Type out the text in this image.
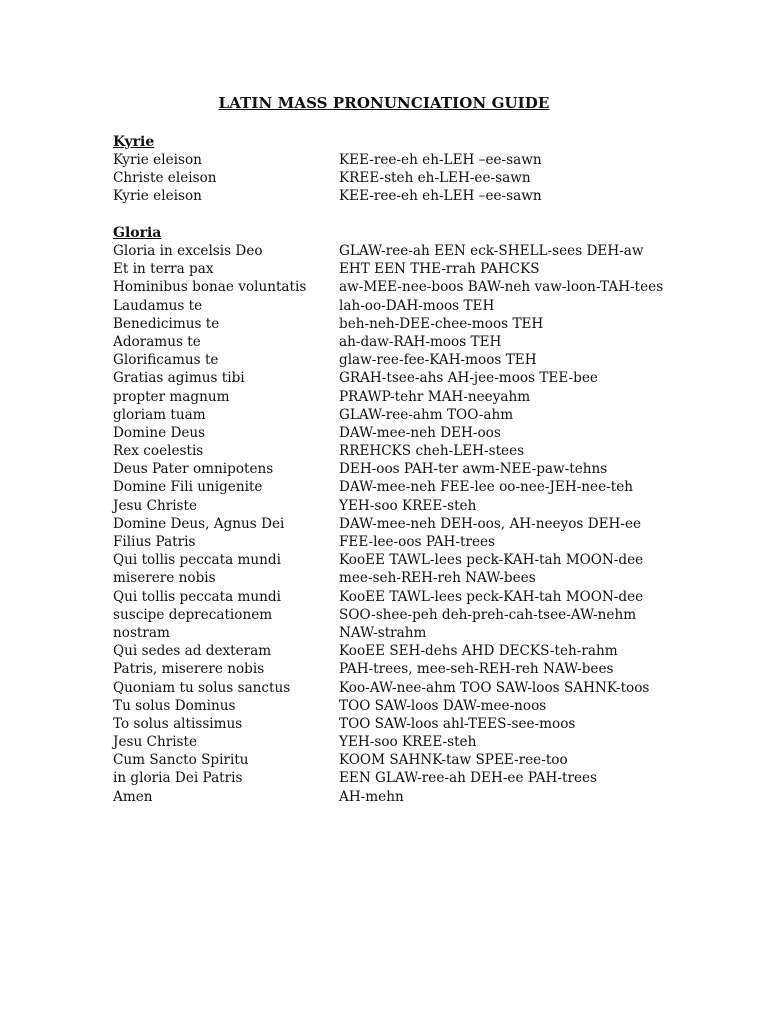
LATIN MASS PRONUNCIATION GUIDE
Kyrie
Kyrie eleison	KEE-ree-eh eh-LEH –ee-sawn
Christe eleison	KREE-steh eh-LEH-ee-sawn
Kyrie eleison	KEE-ree-eh eh-LEH –ee-sawn
Gloria
Gloria in excelsis Deo	GLAW-ree-ah EEN eck-SHELL-sees DEH-aw
Et in terra pax	EHT EEN THE-rrah PAHCKS
Hominibus bonae voluntatis	aw-MEE-nee-boos BAW-neh vaw-loon-TAH-tees
Laudamus te	lah-oo-DAH-moos TEH
Benedicimus te	beh-neh-DEE-chee-moos TEH
Adoramus te	ah-daw-RAH-moos TEH
Glorificamus te	glaw-ree-fee-KAH-moos TEH
Gratias agimus tibi	GRAH-tsee-ahs AH-jee-moos TEE-bee
propter magnum	PRAWP-tehr MAH-neeyahm
gloriam tuam	GLAW-ree-ahm TOO-ahm
Domine Deus	DAW-mee-neh DEH-oos
Rex coelestis	RREHCKS cheh-LEH-stees
Deus Pater omnipotens	DEH-oos PAH-ter awm-NEE-paw-tehns
Domine Fili unigenite	DAW-mee-neh FEE-lee oo-nee-JEH-nee-teh
Jesu Christe	YEH-soo KREE-steh
Domine Deus, Agnus Dei	DAW-mee-neh DEH-oos, AH-neeyos DEH-ee
Filius Patris	FEE-lee-oos PAH-trees
Qui tollis peccata mundi	KooEE TAWL-lees peck-KAH-tah MOON-dee
miserere nobis	mee-seh-REH-reh NAW-bees
Qui tollis peccata mundi	KooEE TAWL-lees peck-KAH-tah MOON-dee
suscipe deprecationem	SOO-shee-peh deh-preh-cah-tsee-AW-nehm
nostram	NAW-strahm
Qui sedes ad dexteram	KooEE SEH-dehs AHD DECKS-teh-rahm
Patris, miserere nobis	PAH-trees, mee-seh-REH-reh NAW-bees
Quoniam tu solus sanctus	Koo-AW-nee-ahm TOO SAW-loos SAHNK-toos
Tu solus Dominus	TOO SAW-loos DAW-mee-noos
To solus altissimus	TOO SAW-loos ahl-TEES-see-moos
Jesu Christe	YEH-soo KREE-steh
Cum Sancto Spiritu	KOOM SAHNK-taw SPEE-ree-too
in gloria Dei Patris	EEN GLAW-ree-ah DEH-ee PAH-trees
Amen	AH-mehn
